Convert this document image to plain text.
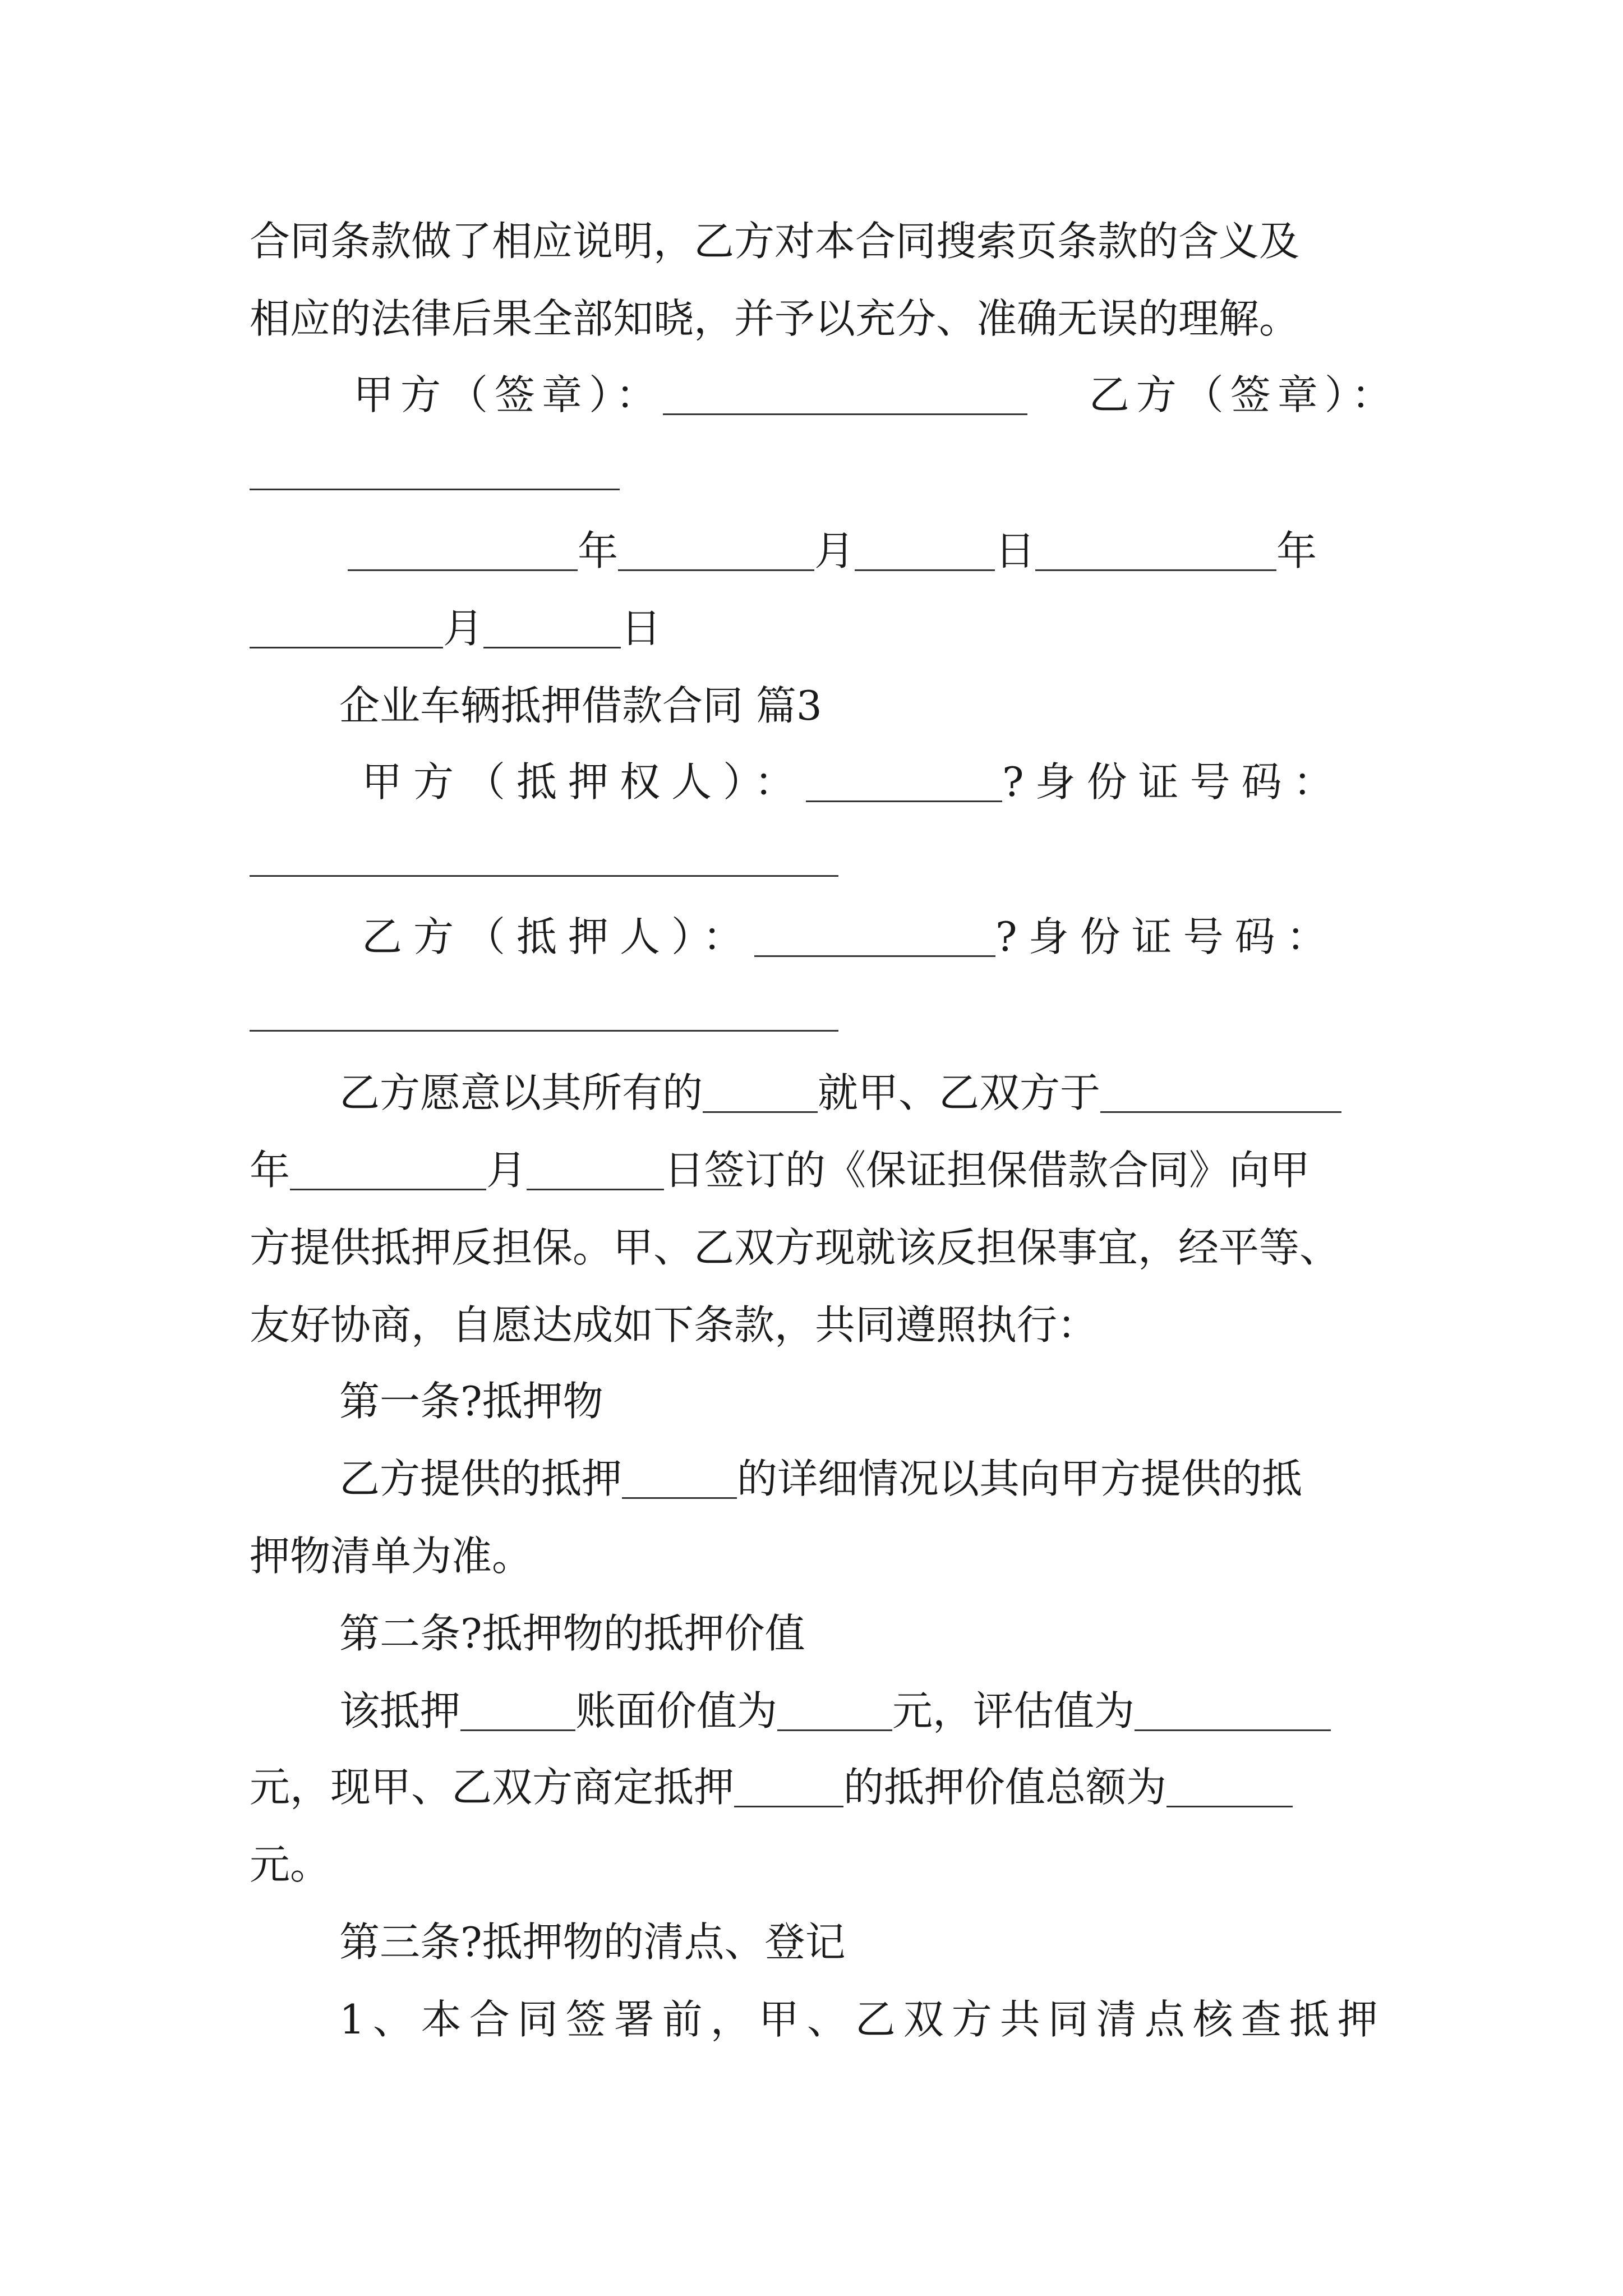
合同条款做了相应说明，乙方对本合同搜索页条款的含义及
相应的法律后果全部知晓，并予以充分、准确无误的理解。
甲方（签章）：	乙方（签章）：
年	月	日	年
月	日
企业车辆抵押借款合同 篇3
甲方（抵押权人）：	?身份证号码：
乙方（抵押人）：	?身份证号码：
乙方愿意以其所有的	就甲、乙双方于
年	月	日签订的《保证担保借款合同》向甲
方提供抵押反担保。甲、乙双方现就该反担保事宜，经平等、
友好协商，自愿达成如下条款，共同遵照执行：
第一条?抵押物
乙方提供的抵押	的详细情况以其向甲方提供的抵
押物清单为准。
第二条?抵押物的抵押价值
该抵押	账面价值为	元，评估值为
元，现甲、乙双方商定抵押	的抵押价值总额为
元。
第三条?抵押物的清点、登记
1、本合同签署前，甲、乙双方共同清点核查抵押
